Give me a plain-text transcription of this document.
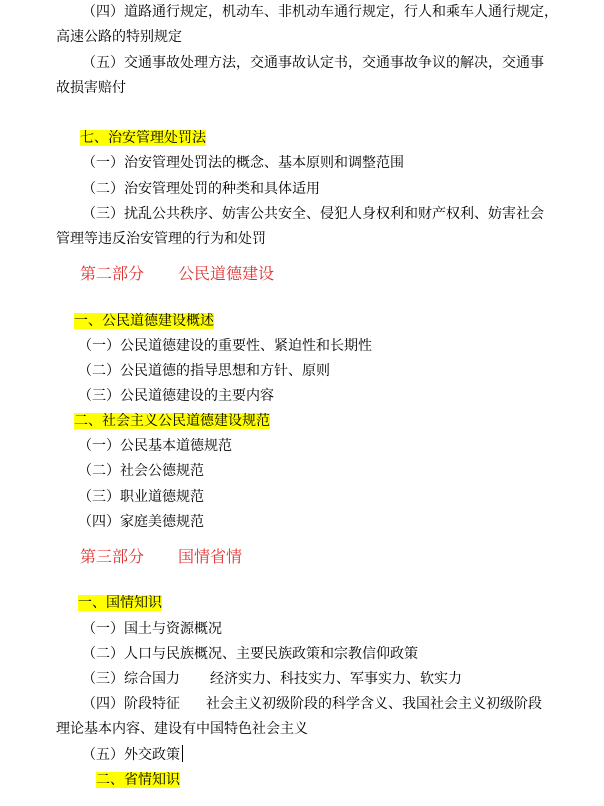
（四）道路通行规定，机动车、非机动车通行规定，行人和乘车人通行规定，
高速公路的特别规定
（五）交通事故处理方法，交通事故认定书，交通事故争议的解决，交通事
故损害赔付
七、治安管理处罚法
（一）治安管理处罚法的概念、基本原则和调整范围
（二）治安管理处罚的种类和具体适用
（三）扰乱公共秩序、妨害公共安全、侵犯人身权利和财产权利、妨害社会
管理等违反治安管理的行为和处罚
第二部分 公民道德建设
一、公民道德建设概述
（一）公民道德建设的重要性、紧迫性和长期性
（二）公民道德的指导思想和方针、原则
（三）公民道德建设的主要内容
二、社会主义公民道德建设规范
（一）公民基本道德规范
（二）社会公德规范
（三）职业道德规范
（四）家庭美德规范
第三部分 国情省情
一、国情知识
（一）国土与资源概况
（二）人口与民族概况、主要民族政策和宗教信仰政策
（三）综合国力 经济实力、科技实力、军事实力、软实力
（四）阶段特征 社会主义初级阶段的科学含义、我国社会主义初级阶段
理论基本内容、建设有中国特色社会主义
（五）外交政策
二、省情知识
